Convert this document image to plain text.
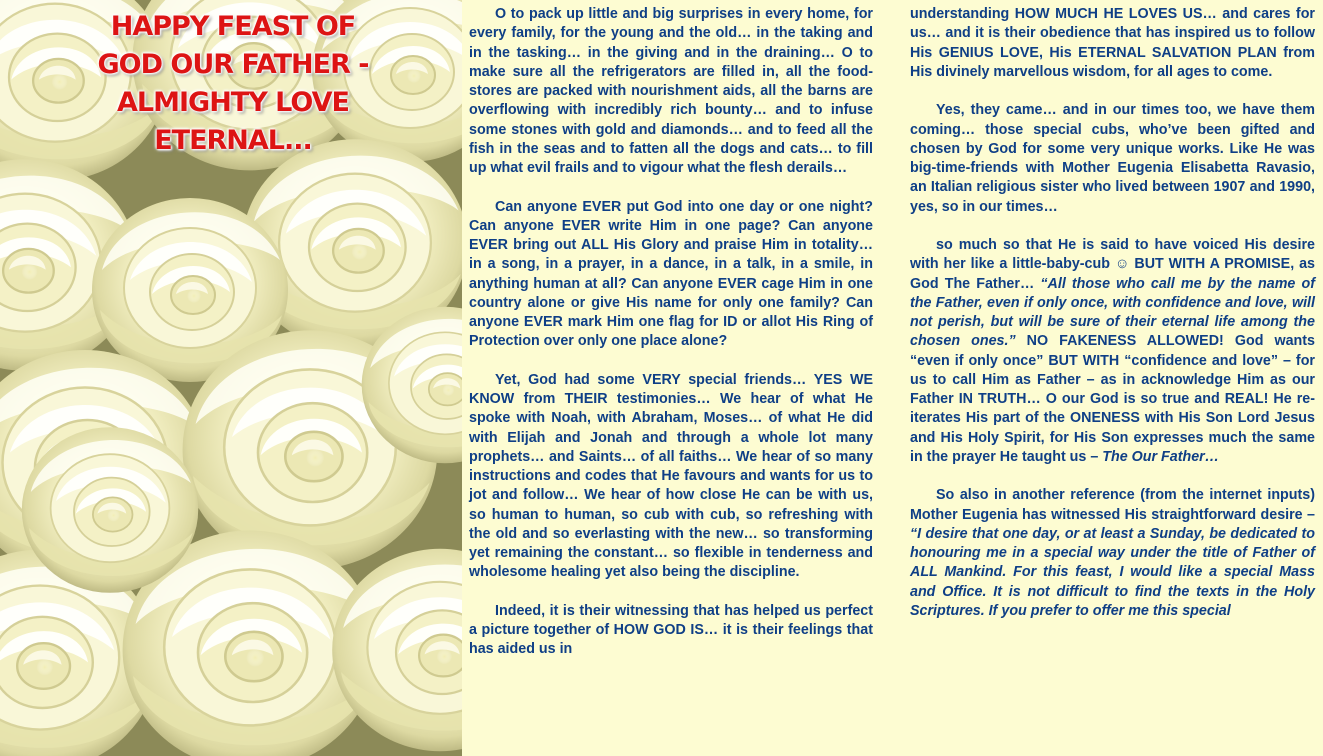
HAPPY FEAST OF
GOD OUR FATHER -
ALMIGHTY LOVE
ETERNAL...

O to pack up little and big surprises in every home, for every family, for the young and the old… in the taking and in the tasking… in the giving and in the draining… O to make sure all the refrigerators are filled in, all the food-stores are packed with nourishment aids, all the barns are overflowing with incredibly rich bounty… and to infuse some stones with gold and diamonds… and to feed all the fish in the seas and to fatten all the dogs and cats… to fill up what evil frails and to vigour what the flesh derails…

Can anyone EVER put God into one day or one night? Can anyone EVER write Him in one page? Can anyone EVER bring out ALL His Glory and praise Him in totality… in a song, in a prayer, in a dance, in a talk, in a smile, in anything human at all? Can anyone EVER cage Him in one country alone or give His name for only one family? Can anyone EVER mark Him one flag for ID or allot His Ring of Protection over only one place alone?

Yet, God had some VERY special friends… YES WE KNOW from THEIR testimonies… We hear of what He spoke with Noah, with Abraham, Moses… of what He did with Elijah and Jonah and through a whole lot many prophets… and Saints… of all faiths… We hear of so many instructions and codes that He favours and wants for us to jot and follow… We hear of how close He can be with us, so human to human, so cub with cub, so refreshing with the old and so everlasting with the new… so transforming yet remaining the constant… so flexible in tenderness and wholesome healing yet also being the discipline.

Indeed, it is their witnessing that has helped us perfect a picture together of HOW GOD IS… it is their feelings that has aided us in

understanding HOW MUCH HE LOVES US… and cares for us… and it is their obedience that has inspired us to follow His GENIUS LOVE, His ETERNAL SALVATION PLAN from His divinely marvellous wisdom, for all ages to come.

Yes, they came… and in our times too, we have them coming… those special cubs, who’ve been gifted and chosen by God for some very unique works. Like He was big-time-friends with Mother Eugenia Elisabetta Ravasio, an Italian religious sister who lived between 1907 and 1990, yes, so in our times…

so much so that He is said to have voiced His desire with her like a little-baby-cub ☺ BUT WITH A PROMISE, as God The Father… “All those who call me by the name of the Father, even if only once, with confidence and love, will not perish, but will be sure of their eternal life among the chosen ones.” NO FAKENESS ALLOWED! God wants “even if only once” BUT WITH “confidence and love” – for us to call Him as Father – as in acknowledge Him as our Father IN TRUTH… O our God is so true and REAL! He re-iterates His part of the ONENESS with His Son Lord Jesus and His Holy Spirit, for His Son expresses much the same in the prayer He taught us – The Our Father…

So also in another reference (from the internet inputs) Mother Eugenia has witnessed His straightforward desire – “I desire that one day, or at least a Sunday, be dedicated to honouring me in a special way under the title of Father of ALL Mankind. For this feast, I would like a special Mass and Office. It is not difficult to find the texts in the Holy Scriptures. If you prefer to offer me this special
